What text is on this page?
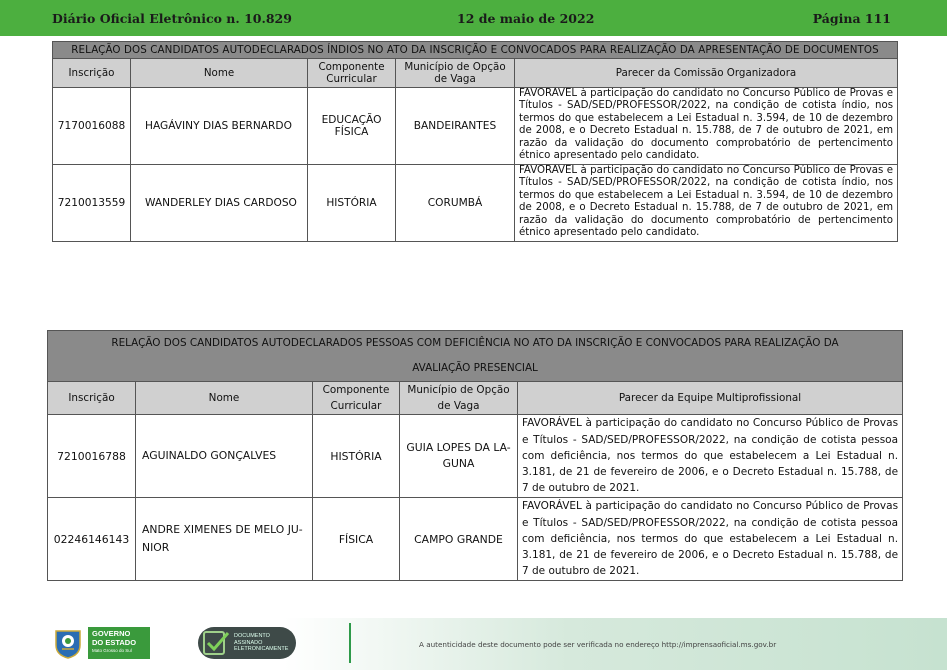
Diário Oficial Eletrônico n. 10.829	12 de maio de 2022	Página 111
RELAÇÃO DOS CANDIDATOS AUTODECLARADOS ÍNDIOS NO ATO DA INSCRIÇÃO E CONVOCADOS PARA REALIZAÇÃO DA APRESENTAÇÃO DE DOCUMENTOS				
Inscrição	Nome	Componente Curricular	Município de Opção de Vaga	Parecer da Comissão Organizadora
7170016088	HAGÁVINY DIAS BERNARDO	EDUCAÇÃO FÍSICA	BANDEIRANTES	FAVORÁVEL à participação do candidato no Concurso Público de Provas e Títulos - SAD/SED/PROFESSOR/2022, na condição de cotista índio, nos termos do que estabelecem a Lei Estadual n. 3.594, de 10 de dezembro de 2008, e o Decreto Estadual n. 15.788, de 7 de outubro de 2021, em razão da validação do documento comprobatório de pertencimento étnico apresentado pelo candidato.
7210013559	WANDERLEY DIAS CARDOSO	HISTÓRIA	CORUMBÁ	FAVORÁVEL à participação do candidato no Concurso Público de Provas e Títulos - SAD/SED/PROFESSOR/2022, na condição de cotista índio, nos termos do que estabelecem a Lei Estadual n. 3.594, de 10 de dezembro de 2008, e o Decreto Estadual n. 15.788, de 7 de outubro de 2021, em razão da validação do documento comprobatório de pertencimento étnico apresentado pelo candidato.
RELAÇÃO DOS CANDIDATOS AUTODECLARADOS PESSOAS COM DEFICIÊNCIA NO ATO DA INSCRIÇÃO E CONVOCADOS PARA REALIZAÇÃO DA AVALIAÇÃO PRESENCIAL				
Inscrição	Nome	Componente Curricular	Município de Opção de Vaga	Parecer da Equipe Multiprofissional
7210016788	AGUINALDO GONÇALVES	HISTÓRIA	GUIA LOPES DA LA-GUNA	FAVORÁVEL à participação do candidato no Concurso Público de Provas e Títulos - SAD/SED/PROFESSOR/2022, na condição de cotista pessoa com deficiência, nos termos do que estabelecem a Lei Estadual n. 3.181, de 21 de fevereiro de 2006, e o Decreto Estadual n. 15.788, de 7 de outubro de 2021.
02246146143	ANDRE XIMENES DE MELO JU-NIOR	FÍSICA	CAMPO GRANDE	FAVORÁVEL à participação do candidato no Concurso Público de Provas e Títulos - SAD/SED/PROFESSOR/2022, na condição de cotista pessoa com deficiência, nos termos do que estabelecem a Lei Estadual n. 3.181, de 21 de fevereiro de 2006, e o Decreto Estadual n. 15.788, de 7 de outubro de 2021.
GOVERNO
DO ESTADO
Mato Grosso do Sul
DOCUMENTO
ASSINADO
ELETRONICAMENTE	A autenticidade deste documento pode ser verificada no endereço http://imprensaoficial.ms.gov.br
